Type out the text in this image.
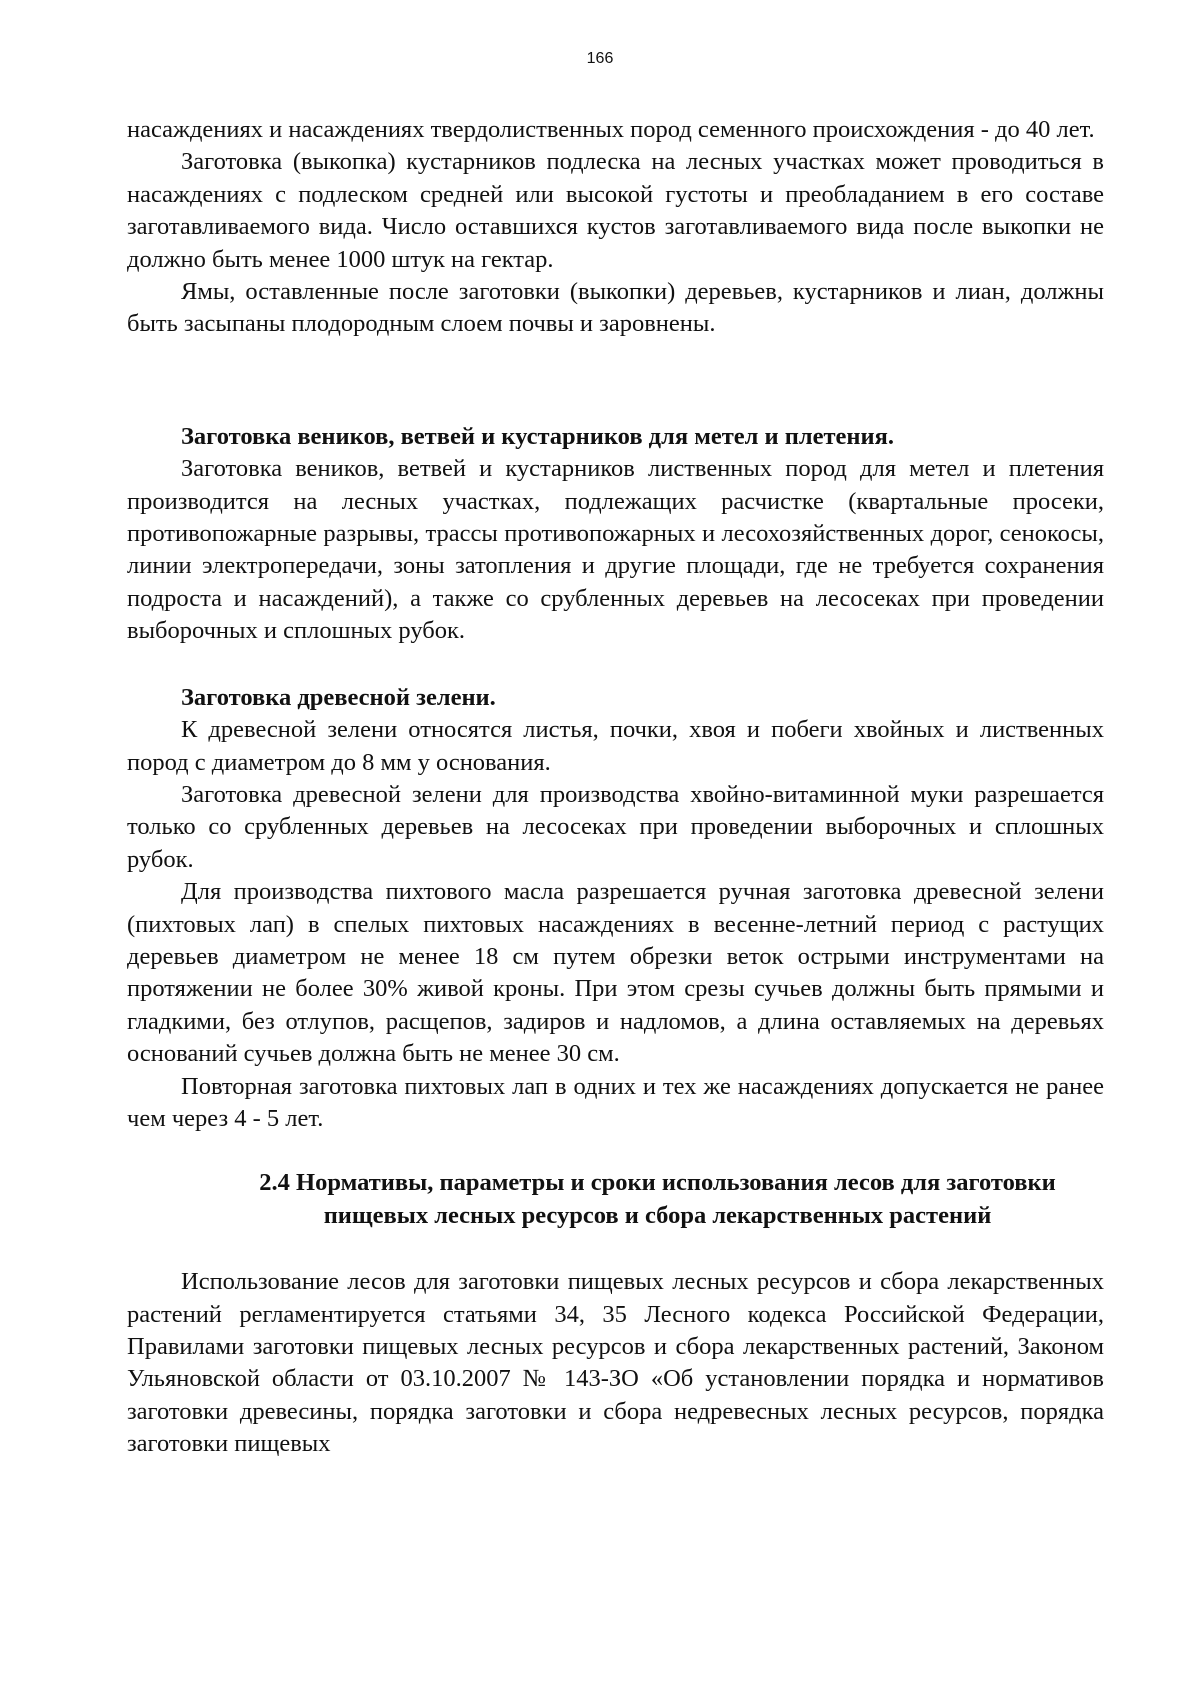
166

насаждениях и насаждениях твердолиственных пород семенного происхождения - до 40 лет.

Заготовка (выкопка) кустарников подлеска на лесных участках может проводиться в насаждениях с подлеском средней или высокой густоты и преобладанием в его составе заготавливаемого вида. Число оставшихся кустов заготавливаемого вида после выкопки не должно быть менее 1000 штук на гектар.

Ямы, оставленные после заготовки (выкопки) деревьев, кустарников и лиан, должны быть засыпаны плодородным слоем почвы и заровнены.

Заготовка веников, ветвей и кустарников для метел и плетения.

Заготовка веников, ветвей и кустарников лиственных пород для метел и плетения производится на лесных участках, подлежащих расчистке (квартальные просеки, противопожарные разрывы, трассы противопожарных и лесохозяйственных дорог, сенокосы, линии электропередачи, зоны затопления и другие площади, где не требуется сохранения подроста и насаждений), а также со срубленных деревьев на лесосеках при проведении выборочных и сплошных рубок.

Заготовка древесной зелени.

К древесной зелени относятся листья, почки, хвоя и побеги хвойных и лиственных пород с диаметром до 8 мм у основания.

Заготовка древесной зелени для производства хвойно-витаминной муки разрешается только со срубленных деревьев на лесосеках при проведении выборочных и сплошных рубок.

Для производства пихтового масла разрешается ручная заготовка древесной зелени (пихтовых лап) в спелых пихтовых насаждениях в весенне-летний период с растущих деревьев диаметром не менее 18 см путем обрезки веток острыми инструментами на протяжении не более 30% живой кроны. При этом срезы сучьев должны быть прямыми и гладкими, без отлупов, расщепов, задиров и надломов, а длина оставляемых на деревьях оснований сучьев должна быть не менее 30 см.

Повторная заготовка пихтовых лап в одних и тех же насаждениях допускается не ранее чем через 4 - 5 лет.

2.4 Нормативы, параметры и сроки использования лесов для заготовки

пищевых лесных ресурсов и сбора лекарственных растений

Использование лесов для заготовки пищевых лесных ресурсов и сбора лекарственных растений регламентируется статьями 34, 35 Лесного кодекса Российской Федерации, Правилами заготовки пищевых лесных ресурсов и сбора лекарственных растений, Законом Ульяновской области от 03.10.2007 № 143-ЗО «Об установлении порядка и нормативов заготовки древесины, порядка заготовки и сбора недревесных лесных ресурсов, порядка заготовки пищевых
